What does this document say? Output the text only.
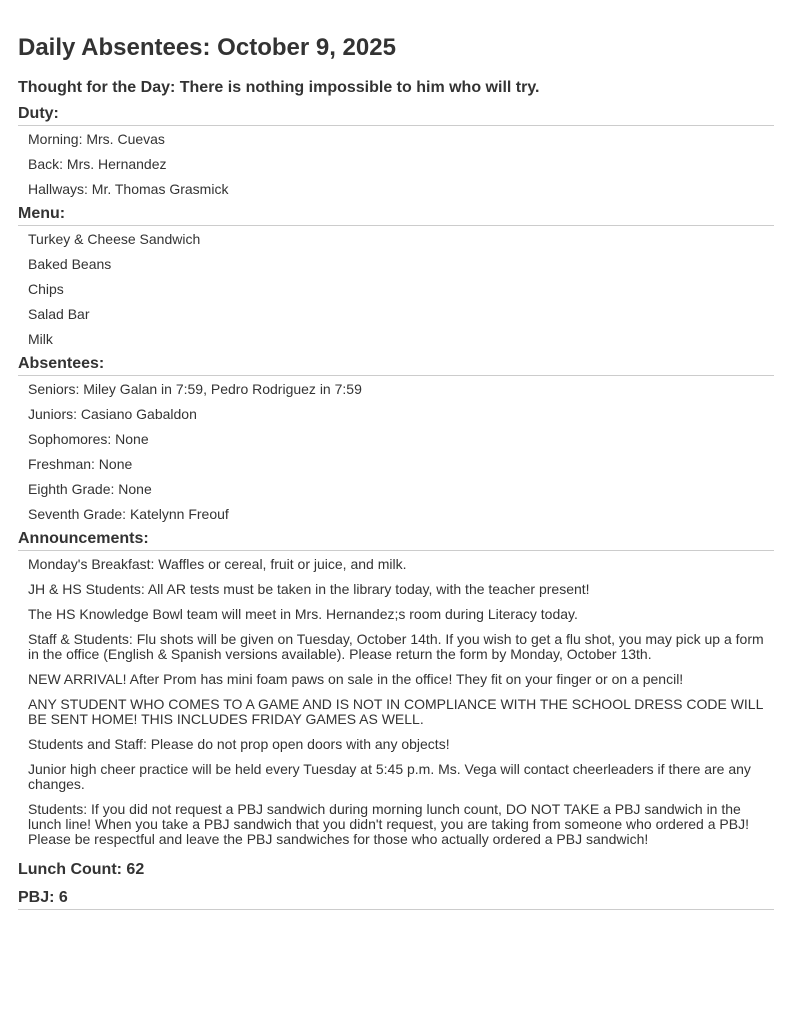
Daily Absentees: October 9, 2025

Thought for the Day: There is nothing impossible to him who will try.

Duty:
Morning: Mrs. Cuevas
Back: Mrs. Hernandez
Hallways: Mr. Thomas Grasmick
Menu:
Turkey & Cheese Sandwich
Baked Beans
Chips
Salad Bar
Milk
Absentees:
Seniors: Miley Galan in 7:59, Pedro Rodriguez in 7:59
Juniors: Casiano Gabaldon
Sophomores: None
Freshman: None
Eighth Grade: None
Seventh Grade: Katelynn Freouf
Announcements:
Monday's Breakfast: Waffles or cereal, fruit or juice, and milk.
JH & HS Students: All AR tests must be taken in the library today, with the teacher present!
The HS Knowledge Bowl team will meet in Mrs. Hernandez;s room during Literacy today.
Staff & Students: Flu shots will be given on Tuesday, October 14th. If you wish to get a flu shot, you may pick up a form in the office (English & Spanish versions available). Please return the form by Monday, October 13th.
NEW ARRIVAL! After Prom has mini foam paws on sale in the office! They fit on your finger or on a pencil!
ANY STUDENT WHO COMES TO A GAME AND IS NOT IN COMPLIANCE WITH THE SCHOOL DRESS CODE WILL BE SENT HOME! THIS INCLUDES FRIDAY GAMES AS WELL.
Students and Staff: Please do not prop open doors with any objects!
Junior high cheer practice will be held every Tuesday at 5:45 p.m. Ms. Vega will contact cheerleaders if there are any changes.
Students: If you did not request a PBJ sandwich during morning lunch count, DO NOT TAKE a PBJ sandwich in the lunch line! When you take a PBJ sandwich that you didn't request, you are taking from someone who ordered a PBJ! Please be respectful and leave the PBJ sandwiches for those who actually ordered a PBJ sandwich!

Lunch Count: 62

PBJ: 6
